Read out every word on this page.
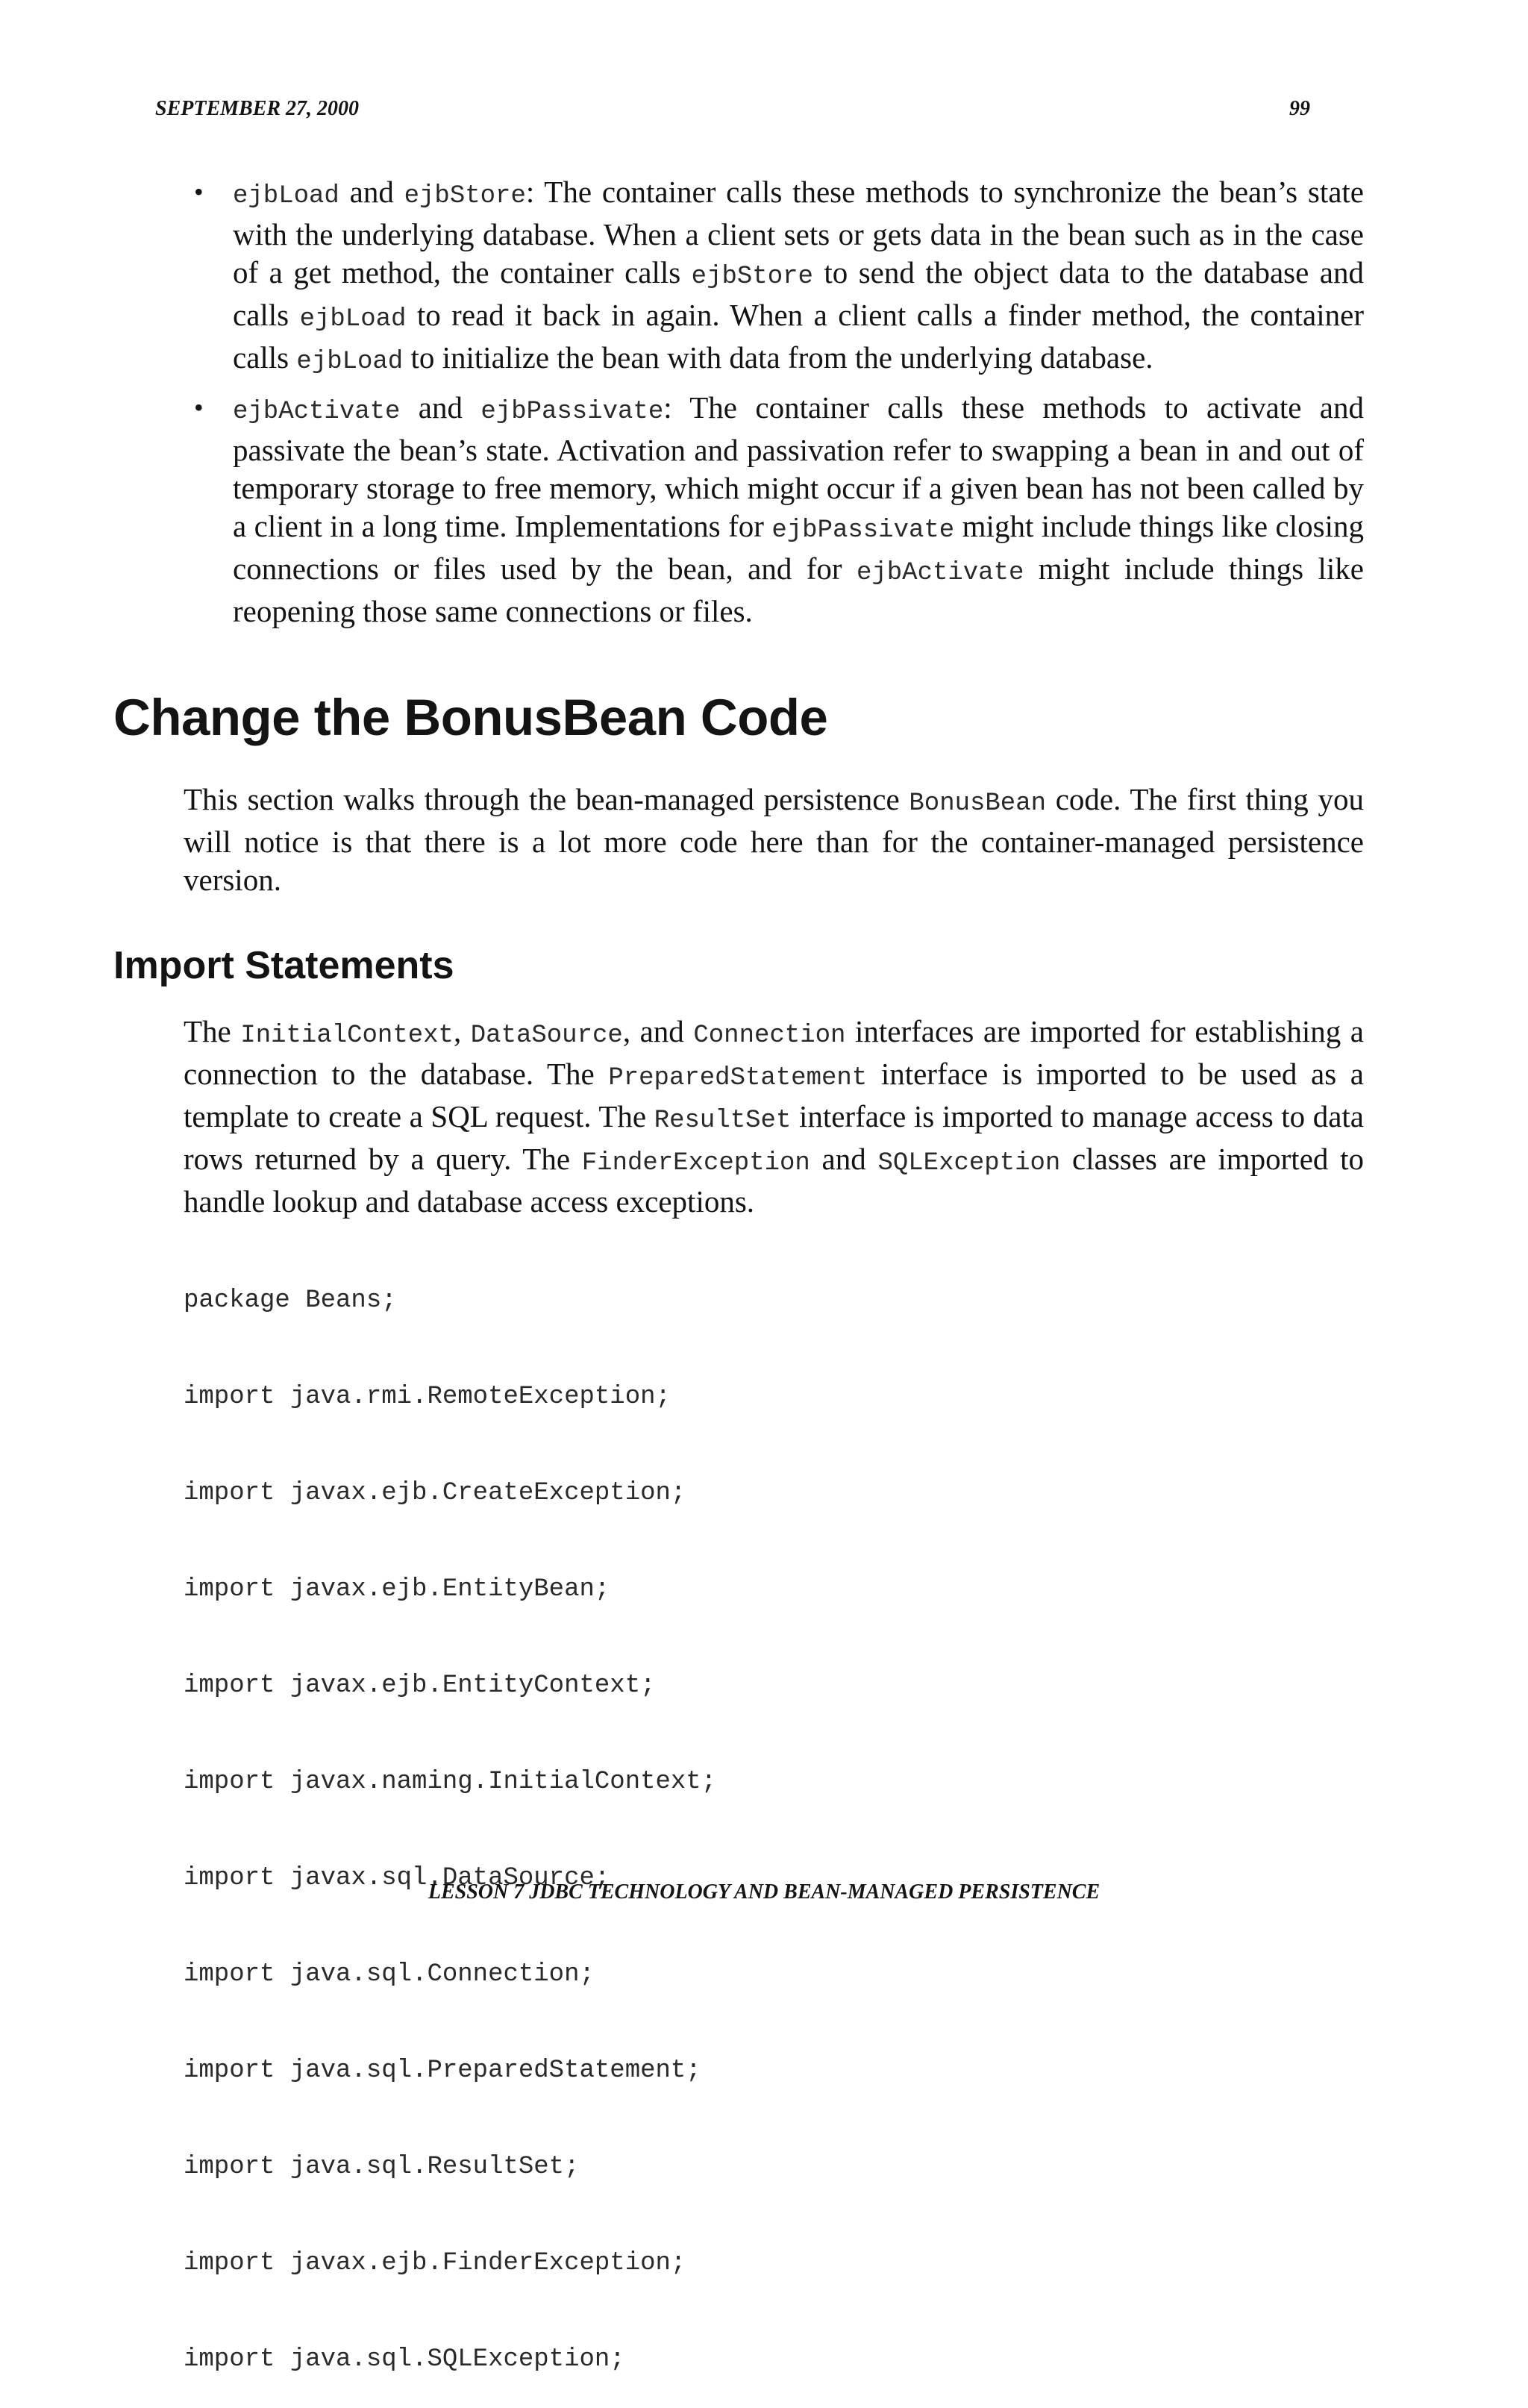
SEPTEMBER 27, 2000	99
• ejbLoad and ejbStore: The container calls these methods to synchronize the bean’s state with the underlying database. When a client sets or gets data in the bean such as in the case of a get method, the container calls ejbStore to send the object data to the database and calls ejbLoad to read it back in again. When a client calls a finder method, the container calls ejbLoad to initialize the bean with data from the underlying database.
• ejbActivate and ejbPassivate: The container calls these methods to activate and passivate the bean’s state. Activation and passivation refer to swapping a bean in and out of temporary storage to free memory, which might occur if a given bean has not been called by a client in a long time. Implementations for ejbPassivate might include things like closing connections or files used by the bean, and for ejbActivate might include things like reopening those same connections or files.
Change the BonusBean Code

This section walks through the bean-managed persistence BonusBean code. The first thing you will notice is that there is a lot more code here than for the container-managed persistence version.

Import Statements

The InitialContext, DataSource, and Connection interfaces are imported for establishing a connection to the database. The PreparedStatement interface is imported to be used as a template to create a SQL request. The ResultSet interface is imported to manage access to data rows returned by a query. The FinderException and SQLException classes are imported to handle lookup and database access exceptions.

package Beans;

import java.rmi.RemoteException;

import javax.ejb.CreateException;

import javax.ejb.EntityBean;

import javax.ejb.EntityContext;

import javax.naming.InitialContext;

import javax.sql.DataSource;

import java.sql.Connection;

import java.sql.PreparedStatement;

import java.sql.ResultSet;

import javax.ejb.FinderException;

import java.sql.SQLException;

LESSON 7 JDBC TECHNOLOGY AND BEAN-MANAGED PERSISTENCE
